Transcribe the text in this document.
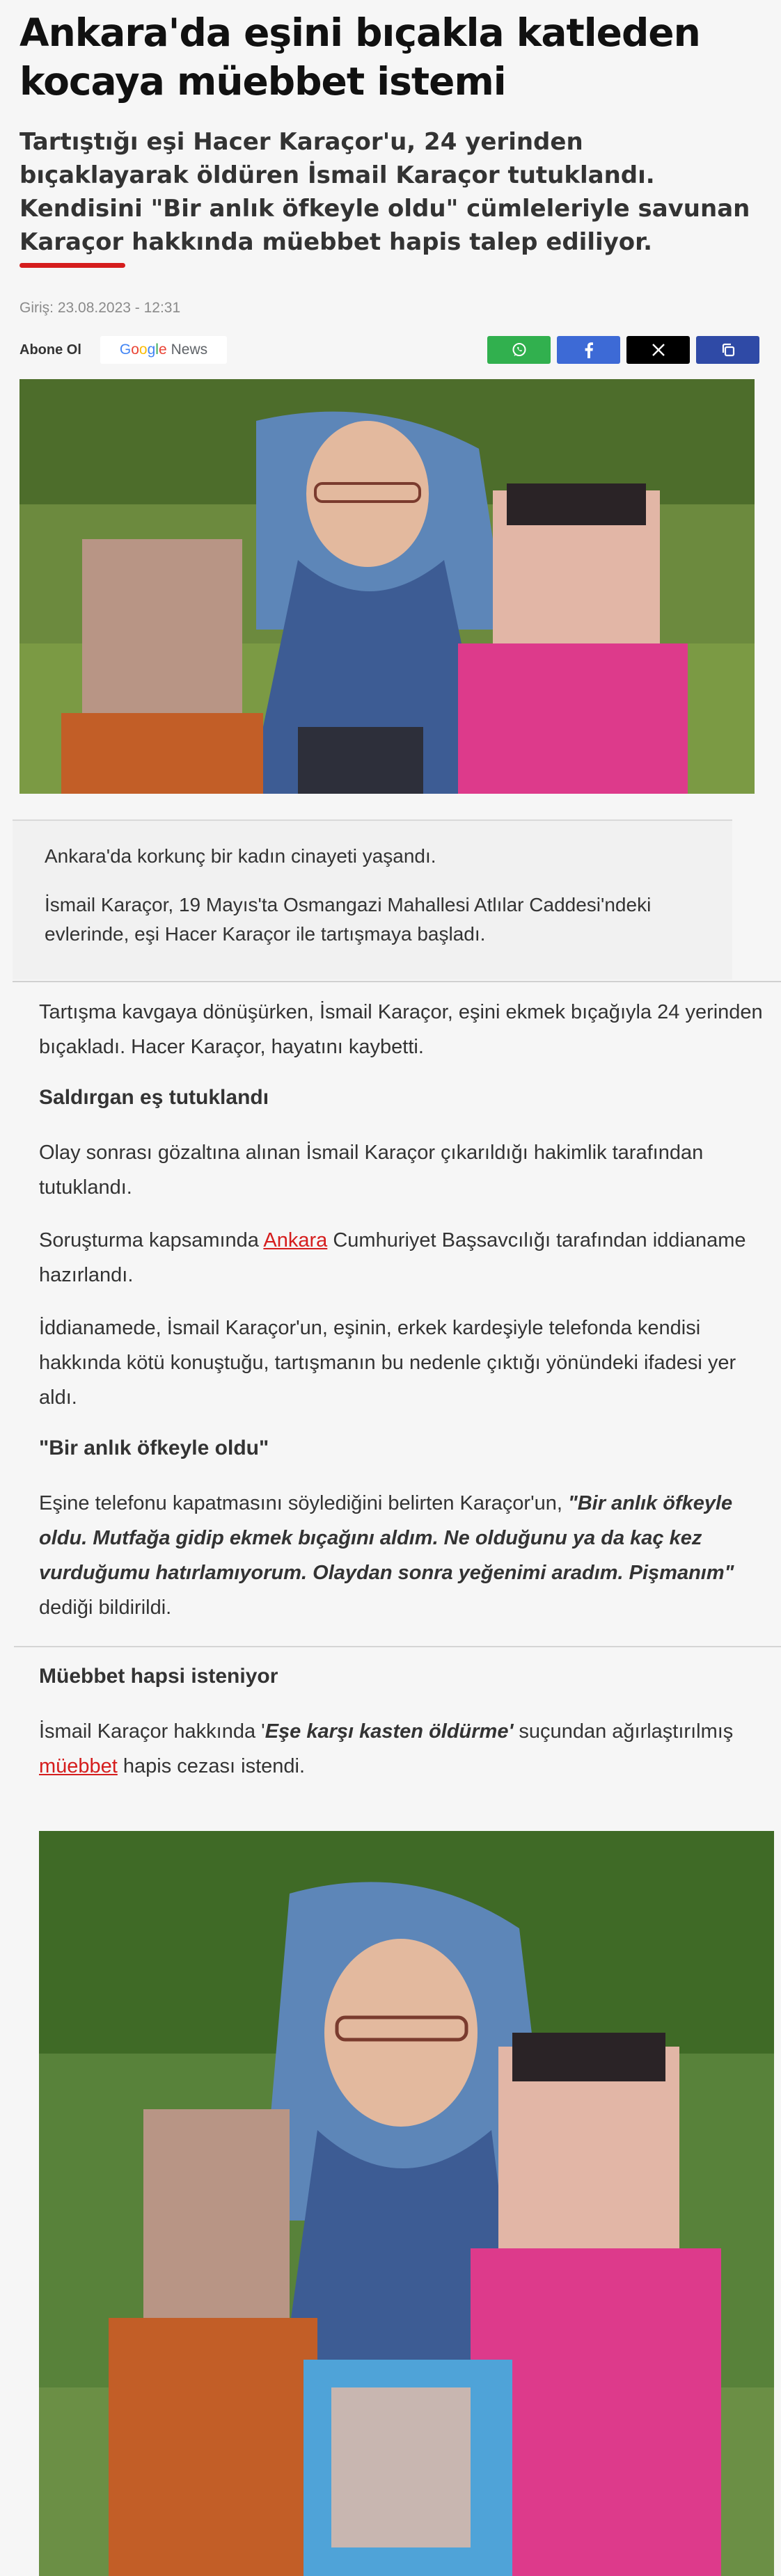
Ankara'da eşini bıçakla katleden kocaya müebbet istemi
Tartıştığı eşi Hacer Karaçor'u, 24 yerinden bıçaklayarak öldüren İsmail Karaçor tutuklandı. Kendisini "Bir anlık öfkeyle oldu" cümleleriyle savunan Karaçor hakkında müebbet hapis talep ediliyor.
Giriş: 23.08.2023 - 12:31
Abone Ol	G o o g l e News

Ankara'da korkunç bir kadın cinayeti yaşandı.

İsmail Karaçor, 19 Mayıs'ta Osmangazi Mahallesi Atlılar Caddesi'ndeki evlerinde, eşi Hacer Karaçor ile tartışmaya başladı.

Tartışma kavgaya dönüşürken, İsmail Karaçor, eşini ekmek bıçağıyla 24 yerinden bıçakladı. Hacer Karaçor, hayatını kaybetti.

Saldırgan eş tutuklandı

Olay sonrası gözaltına alınan İsmail Karaçor çıkarıldığı hakimlik tarafından tutuklandı.

Soruşturma kapsamında Ankara Cumhuriyet Başsavcılığı tarafından iddianame hazırlandı.

İddianamede, İsmail Karaçor'un, eşinin, erkek kardeşiyle telefonda kendisi hakkında kötü konuştuğu, tartışmanın bu nedenle çıktığı yönündeki ifadesi yer aldı.

"Bir anlık öfkeyle oldu"

Eşine telefonu kapatmasını söylediğini belirten Karaçor'un, "Bir anlık öfkeyle oldu. Mutfağa gidip ekmek bıçağını aldım. Ne olduğunu ya da kaç kez vurduğumu hatırlamıyorum. Olaydan sonra yeğenimi aradım. Pişmanım" dediği bildirildi.

Müebbet hapsi isteniyor

İsmail Karaçor hakkında 'Eşe karşı kasten öldürme' suçundan ağırlaştırılmış müebbet hapis cezası istendi.
